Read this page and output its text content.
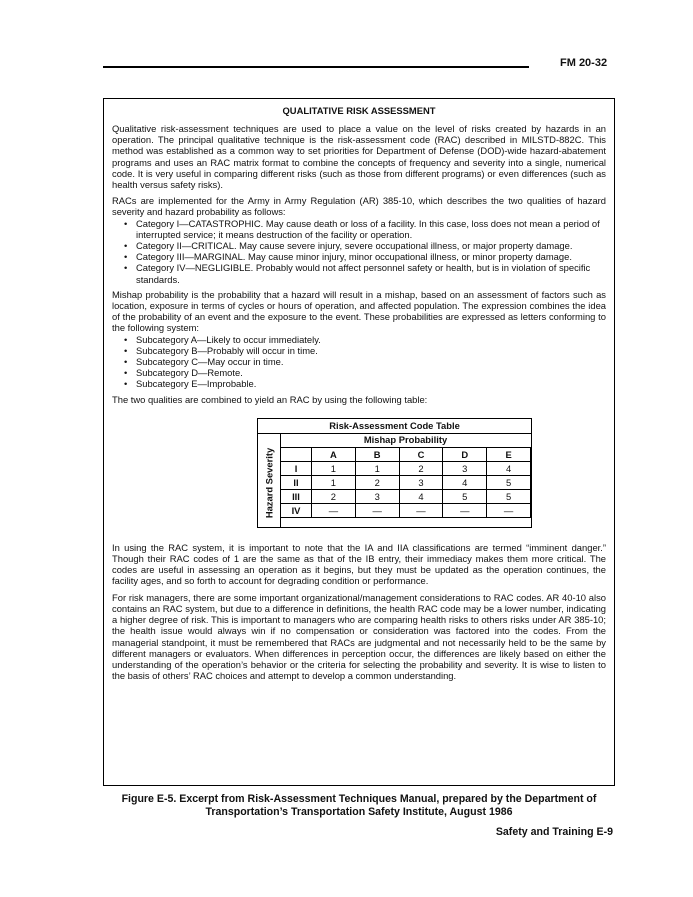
FM 20-32
QUALITATIVE RISK ASSESSMENT

Qualitative risk-assessment techniques are used to place a value on the level of risks created by hazards in an operation. The principal qualitative technique is the risk-assessment code (RAC) described in MILSTD-882C. This method was established as a common way to set priorities for Department of Defense (DOD)-wide hazard-abatement programs and uses an RAC matrix format to combine the concepts of frequency and severity into a single, numerical code. It is very useful in comparing different risks (such as those from different programs) or even differences (such as health versus safety risks).

RACs are implemented for the Army in Army Regulation (AR) 385-10, which describes the two qualities of hazard severity and hazard probability as follows:

• Category I—CATASTROPHIC. May cause death or loss of a facility. In this case, loss does not mean a period of interrupted service; it means destruction of the facility or operation.
• Category II—CRITICAL. May cause severe injury, severe occupational illness, or major property damage.
• Category III—MARGINAL. May cause minor injury, minor occupational illness, or minor property damage.
• Category IV—NEGLIGIBLE. Probably would not affect personnel safety or health, but is in violation of specific standards.

Mishap probability is the probability that a hazard will result in a mishap, based on an assessment of factors such as location, exposure in terms of cycles or hours of operation, and affected population. The expression combines the idea of the probability of an event and the exposure to the event. These probabilities are expressed as letters conforming to the following system:

• Subcategory A—Likely to occur immediately.
• Subcategory B—Probably will occur in time.
• Subcategory C—May occur in time.
• Subcategory D—Remote.
• Subcategory E—Improbable.

The two qualities are combined to yield an RAC by using the following table:

Risk-Assessment Code Table
Hazard Severity
Mishap Probability
	A	B	C	D	E
I	1	1	2	3	4
II	1	2	3	4	5
III	2	3	4	5	5
IV	—	—	—	—	—

In using the RAC system, it is important to note that the IA and IIA classifications are termed “imminent danger.” Though their RAC codes of 1 are the same as that of the IB entry, their immediacy makes them more critical. The codes are useful in assessing an operation as it begins, but they must be updated as the operation continues, the facility ages, and so forth to account for degrading condition or performance.

For risk managers, there are some important organizational/management considerations to RAC codes. AR 40-10 also contains an RAC system, but due to a difference in definitions, the health RAC code may be a lower number, indicating a higher degree of risk. This is important to managers who are comparing health risks to others risks under AR 385-10; the health issue would always win if no compensation or consideration was factored into the codes. From the managerial standpoint, it must be remembered that RACs are judgmental and not necessarily held to be the same by different managers or evaluators. When differences in perception occur, the differences are likely based on either the understanding of the operation’s behavior or the criteria for selecting the probability and severity. It is wise to listen to the basis of others’ RAC choices and attempt to develop a common understanding.

Figure E-5. Excerpt from Risk-Assessment Techniques Manual, prepared by the Department of
Transportation’s Transportation Safety Institute, August 1986
Safety and Training E-9
